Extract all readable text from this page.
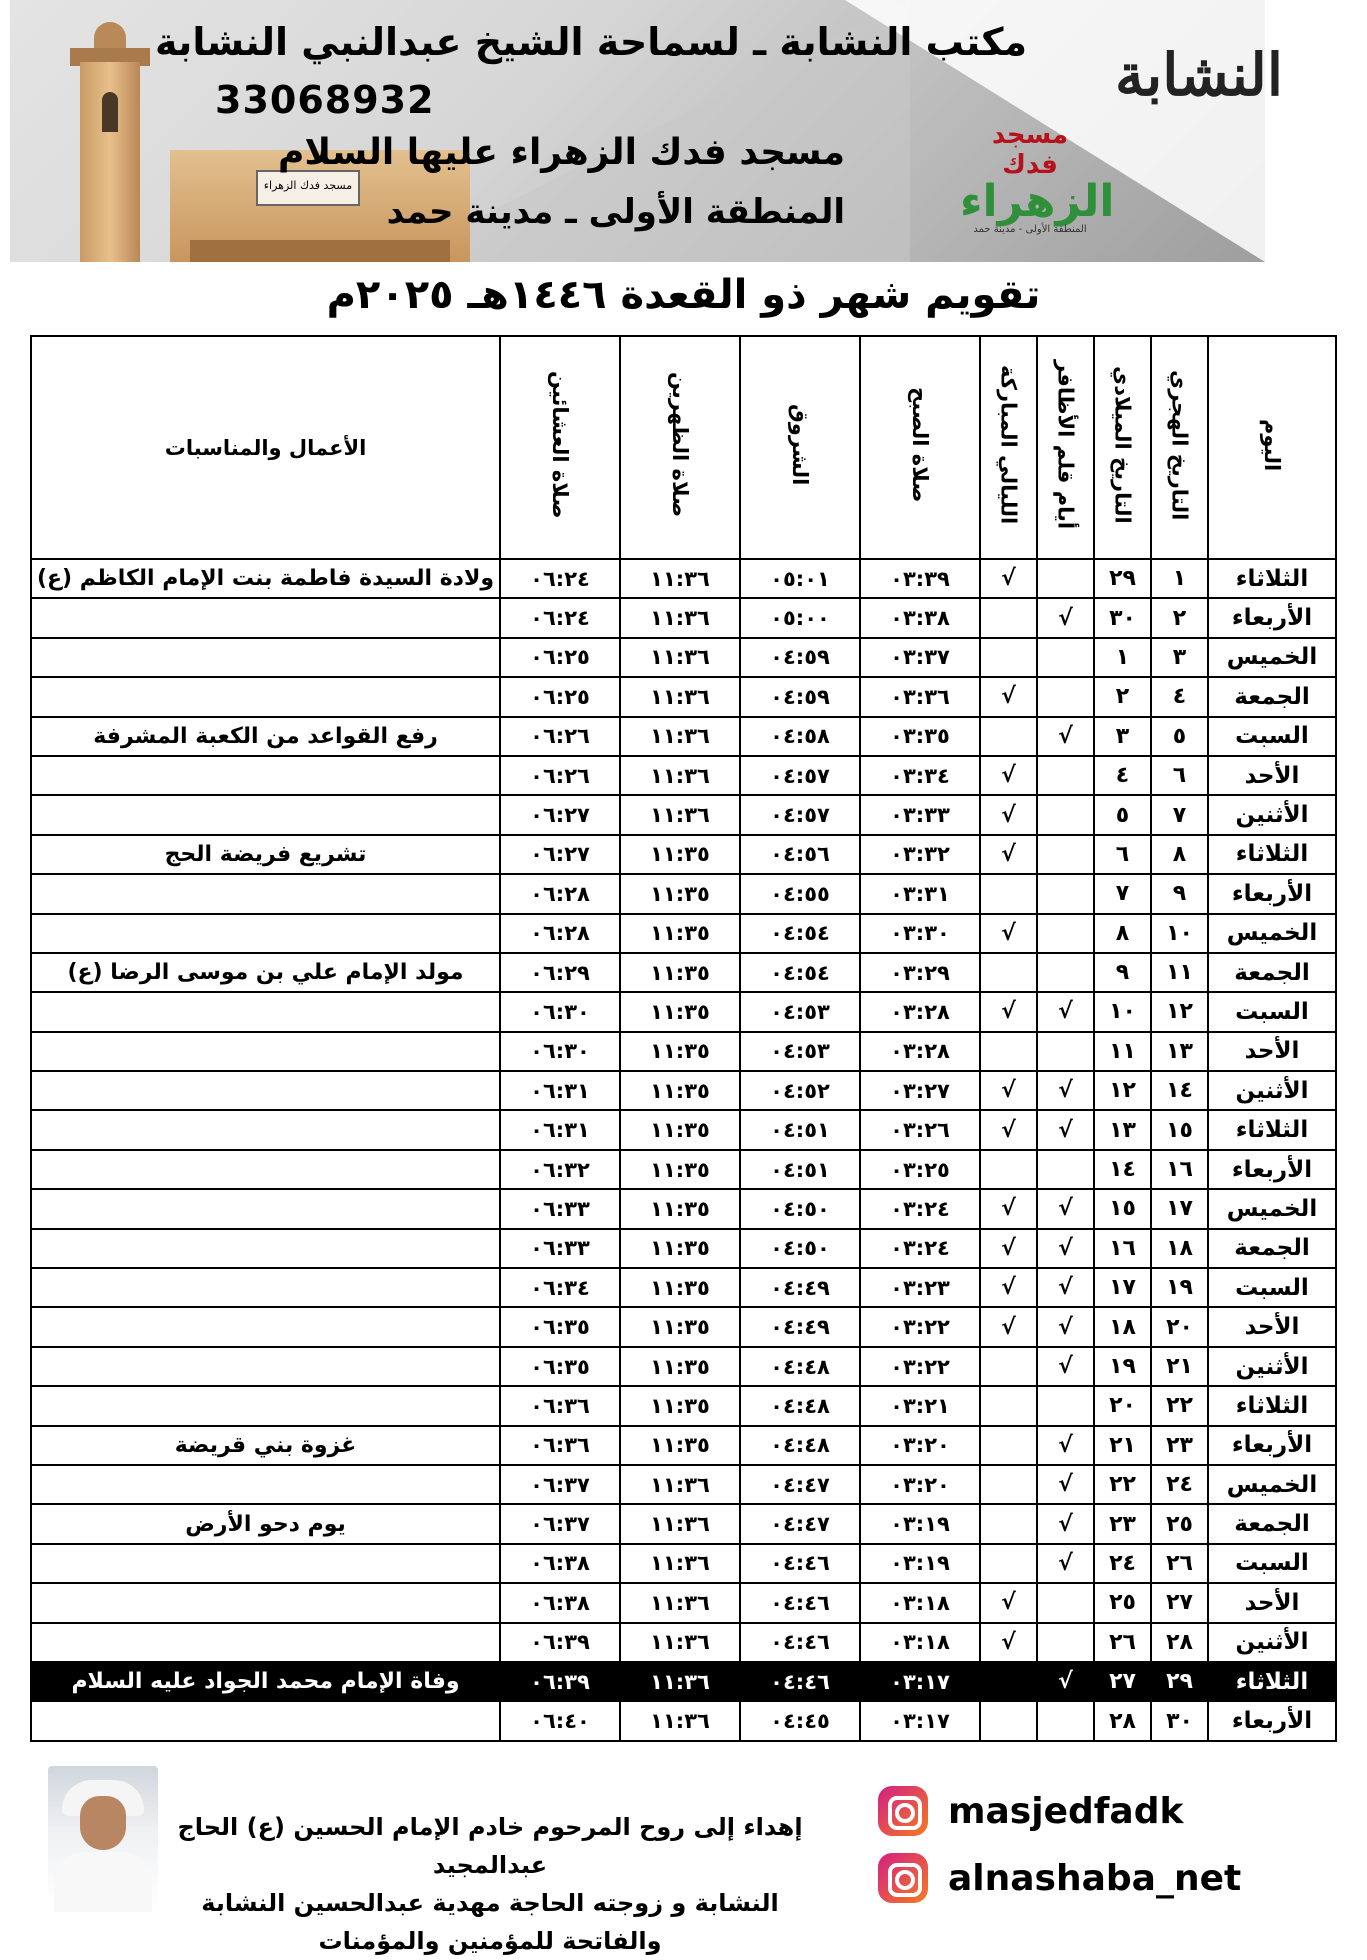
مسجد فدك الزهراء
مكتب النشابة ـ لسماحة الشيخ عبدالنبي النشابة
33068932
مسجد فدك الزهراء عليها السلام
المنطقة الأولى ـ مدينة حمد
مسجد فدك
الزهراء
المنطقة الأولى - مدينة حمد
النشابة
تقويم شهر ذو القعدة ١٤٤٦هـ ٢٠٢٥م
اليوم	التاريخ الهجري	التاريخ الميلادي	أيام قلم الأظافر	الليالي المباركة	صلاة الصبح	الشروق	صلاة الظهرين	صلاة العشائين	الأعمال والمناسبات
الثلاثاء	١	٢٩		√	٠٣:٣٩	٠٥:٠١	١١:٣٦	٠٦:٢٤	ولادة السيدة فاطمة بنت الإمام الكاظم (ع)
الأربعاء	٢	٣٠	√		٠٣:٣٨	٠٥:٠٠	١١:٣٦	٠٦:٢٤	
الخميس	٣	١			٠٣:٣٧	٠٤:٥٩	١١:٣٦	٠٦:٢٥	
الجمعة	٤	٢		√	٠٣:٣٦	٠٤:٥٩	١١:٣٦	٠٦:٢٥	
السبت	٥	٣	√		٠٣:٣٥	٠٤:٥٨	١١:٣٦	٠٦:٢٦	رفع القواعد من الكعبة المشرفة
الأحد	٦	٤		√	٠٣:٣٤	٠٤:٥٧	١١:٣٦	٠٦:٢٦	
الأثنين	٧	٥		√	٠٣:٣٣	٠٤:٥٧	١١:٣٦	٠٦:٢٧	
الثلاثاء	٨	٦		√	٠٣:٣٢	٠٤:٥٦	١١:٣٥	٠٦:٢٧	تشريع فريضة الحج
الأربعاء	٩	٧			٠٣:٣١	٠٤:٥٥	١١:٣٥	٠٦:٢٨	
الخميس	١٠	٨		√	٠٣:٣٠	٠٤:٥٤	١١:٣٥	٠٦:٢٨	
الجمعة	١١	٩			٠٣:٢٩	٠٤:٥٤	١١:٣٥	٠٦:٢٩	مولد الإمام علي بن موسى الرضا (ع)
السبت	١٢	١٠	√	√	٠٣:٢٨	٠٤:٥٣	١١:٣٥	٠٦:٣٠	
الأحد	١٣	١١			٠٣:٢٨	٠٤:٥٣	١١:٣٥	٠٦:٣٠	
الأثنين	١٤	١٢	√	√	٠٣:٢٧	٠٤:٥٢	١١:٣٥	٠٦:٣١	
الثلاثاء	١٥	١٣	√	√	٠٣:٢٦	٠٤:٥١	١١:٣٥	٠٦:٣١	
الأربعاء	١٦	١٤			٠٣:٢٥	٠٤:٥١	١١:٣٥	٠٦:٣٢	
الخميس	١٧	١٥	√	√	٠٣:٢٤	٠٤:٥٠	١١:٣٥	٠٦:٣٣	
الجمعة	١٨	١٦	√	√	٠٣:٢٤	٠٤:٥٠	١١:٣٥	٠٦:٣٣	
السبت	١٩	١٧	√	√	٠٣:٢٣	٠٤:٤٩	١١:٣٥	٠٦:٣٤	
الأحد	٢٠	١٨	√	√	٠٣:٢٢	٠٤:٤٩	١١:٣٥	٠٦:٣٥	
الأثنين	٢١	١٩	√		٠٣:٢٢	٠٤:٤٨	١١:٣٥	٠٦:٣٥	
الثلاثاء	٢٢	٢٠			٠٣:٢١	٠٤:٤٨	١١:٣٥	٠٦:٣٦	
الأربعاء	٢٣	٢١	√		٠٣:٢٠	٠٤:٤٨	١١:٣٥	٠٦:٣٦	غزوة بني قريضة
الخميس	٢٤	٢٢	√		٠٣:٢٠	٠٤:٤٧	١١:٣٦	٠٦:٣٧	
الجمعة	٢٥	٢٣	√		٠٣:١٩	٠٤:٤٧	١١:٣٦	٠٦:٣٧	يوم دحو الأرض
السبت	٢٦	٢٤	√		٠٣:١٩	٠٤:٤٦	١١:٣٦	٠٦:٣٨	
الأحد	٢٧	٢٥		√	٠٣:١٨	٠٤:٤٦	١١:٣٦	٠٦:٣٨	
الأثنين	٢٨	٢٦		√	٠٣:١٨	٠٤:٤٦	١١:٣٦	٠٦:٣٩	
الثلاثاء	٢٩	٢٧	√		٠٣:١٧	٠٤:٤٦	١١:٣٦	٠٦:٣٩	وفاة الإمام محمد الجواد عليه السلام
الأربعاء	٣٠	٢٨			٠٣:١٧	٠٤:٤٥	١١:٣٦	٠٦:٤٠	
إهداء إلى روح المرحوم خادم الإمام الحسين (ع) الحاج عبدالمجيد
النشابة و زوجته الحاجة مهدية عبدالحسين النشابة
والفاتحة للمؤمنين والمؤمنات
masjedfadk
alnashaba_net
